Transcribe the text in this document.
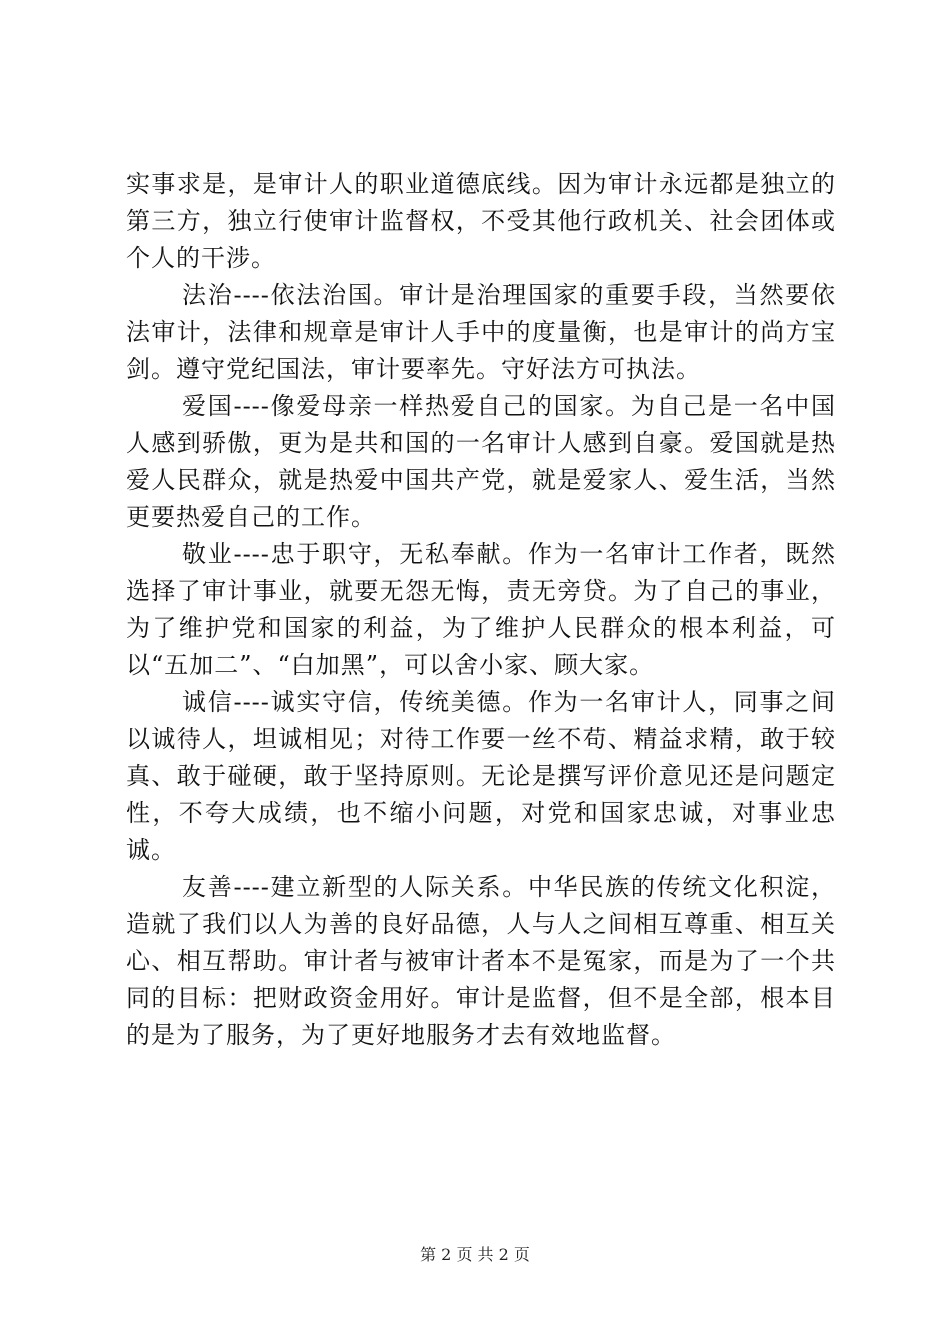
实事求是，是审计人的职业道德底线。因为审计永远都是独立的第三方，独立行使审计监督权，不受其他行政机关、社会团体或个人的干涉。

法治----依法治国。审计是治理国家的重要手段，当然要依法审计，法律和规章是审计人手中的度量衡，也是审计的尚方宝剑。遵守党纪国法，审计要率先。守好法方可执法。

爱国----像爱母亲一样热爱自己的国家。为自己是一名中国人感到骄傲，更为是共和国的一名审计人感到自豪。爱国就是热爱人民群众，就是热爱中国共产党，就是爱家人、爱生活，当然更要热爱自己的工作。

敬业----忠于职守，无私奉献。作为一名审计工作者，既然选择了审计事业，就要无怨无悔，责无旁贷。为了自己的事业，为了维护党和国家的利益，为了维护人民群众的根本利益，可以“五加二”、“白加黑”，可以舍小家、顾大家。

诚信----诚实守信，传统美德。作为一名审计人，同事之间以诚待人，坦诚相见；对待工作要一丝不苟、精益求精，敢于较真、敢于碰硬，敢于坚持原则。无论是撰写评价意见还是问题定性，不夸大成绩，也不缩小问题，对党和国家忠诚，对事业忠诚。

友善----建立新型的人际关系。中华民族的传统文化积淀，造就了我们以人为善的良好品德，人与人之间相互尊重、相互关心、相互帮助。审计者与被审计者本不是冤家，而是为了一个共同的目标：把财政资金用好。审计是监督，但不是全部，根本目的是为了服务，为了更好地服务才去有效地监督。

第 2 页 共 2 页
